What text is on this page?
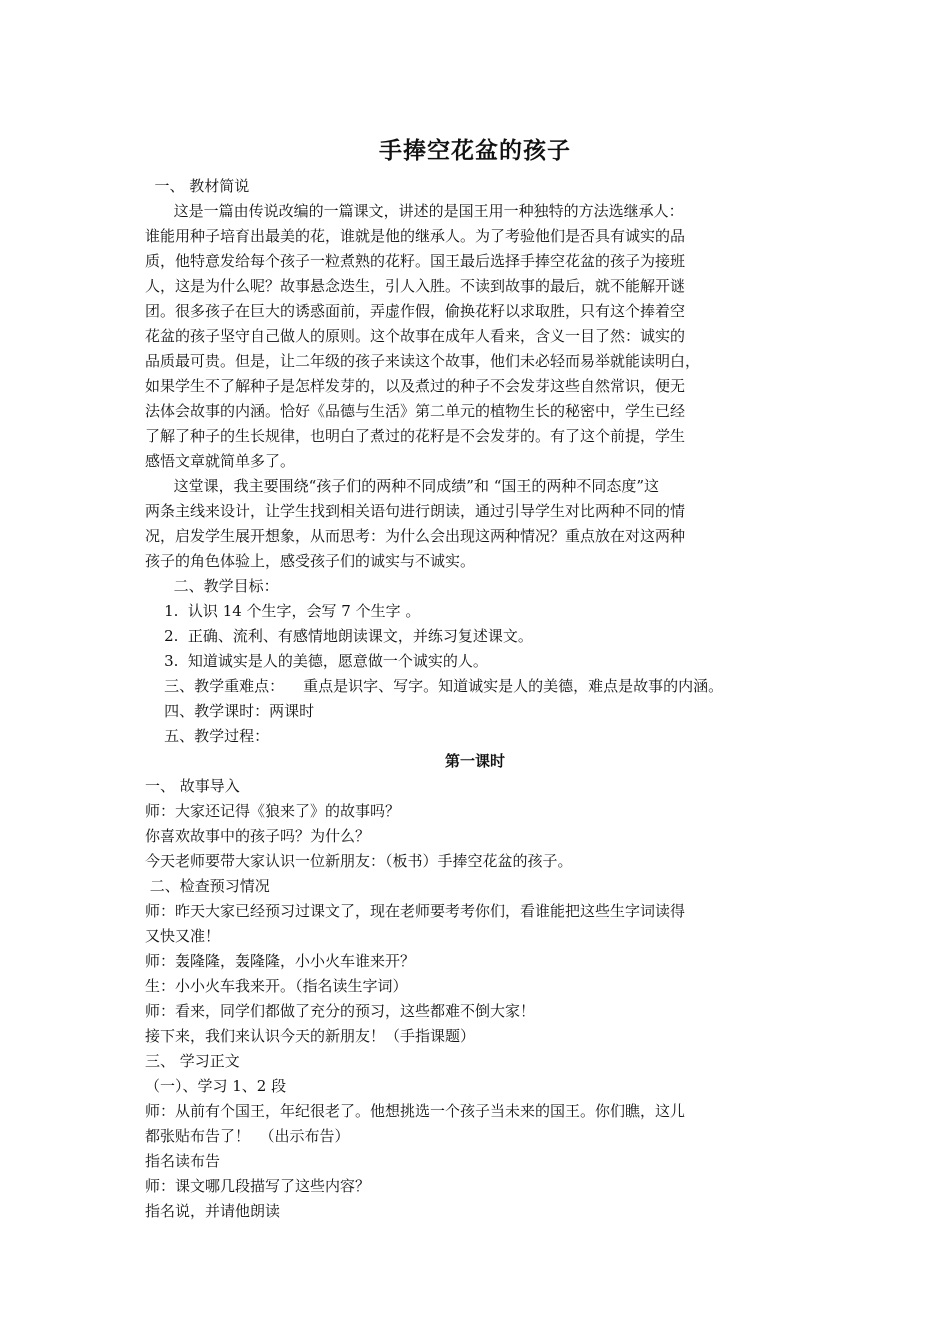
手捧空花盆的孩子
一、 教材简说
这是一篇由传说改编的一篇课文，讲述的是国王用一种独特的方法选继承人：
谁能用种子培育出最美的花，谁就是他的继承人。为了考验他们是否具有诚实的品
质，他特意发给每个孩子一粒煮熟的花籽。国王最后选择手捧空花盆的孩子为接班
人，这是为什么呢？故事悬念迭生，引人入胜。不读到故事的最后，就不能解开谜
团。很多孩子在巨大的诱惑面前，弄虚作假，偷换花籽以求取胜，只有这个捧着空
花盆的孩子坚守自己做人的原则。这个故事在成年人看来，含义一目了然：诚实的
品质最可贵。但是，让二年级的孩子来读这个故事，他们未必轻而易举就能读明白，
如果学生不了解种子是怎样发芽的，以及煮过的种子不会发芽这些自然常识，便无
法体会故事的内涵。恰好《品德与生活》第二单元的植物生长的秘密中，学生已经
了解了种子的生长规律，也明白了煮过的花籽是不会发芽的。有了这个前提，学生
感悟文章就简单多了。
这堂课，我主要围绕“孩子们的两种不同成绩”和 “国王的两种不同态度”这
两条主线来设计，让学生找到相关语句进行朗读，通过引导学生对比两种不同的情
况，启发学生展开想象，从而思考：为什么会出现这两种情况？重点放在对这两种
孩子的角色体验上，感受孩子们的诚实与不诚实。
二、教学目标：
1.  认识 14 个生字，会写 7 个生字 。
2.  正确、流利、有感情地朗读课文，并练习复述课文。
3.  知道诚实是人的美德，愿意做一个诚实的人。
三、教学重难点：    重点是识字、写字。知道诚实是人的美德，难点是故事的内涵。
四、教学课时：两课时
五、教学过程：
第一课时
一、 故事导入
师：大家还记得《狼来了》的故事吗？
你喜欢故事中的孩子吗？为什么？
今天老师要带大家认识一位新朋友：（板书）手捧空花盆的孩子。
二、检查预习情况
师：昨天大家已经预习过课文了，现在老师要考考你们，看谁能把这些生字词读得
又快又准！
师：轰隆隆，轰隆隆，小小火车谁来开？
生：小小火车我来开。（指名读生字词）
师：看来，同学们都做了充分的预习，这些都难不倒大家！
接下来，我们来认识今天的新朋友！（手指课题）
三、 学习正文
（一）、学习 1、2 段
师：从前有个国王，年纪很老了。他想挑选一个孩子当未来的国王。你们瞧，这儿
都张贴布告了！  （出示布告）
指名读布告
师：课文哪几段描写了这些内容？
指名说，并请他朗读
